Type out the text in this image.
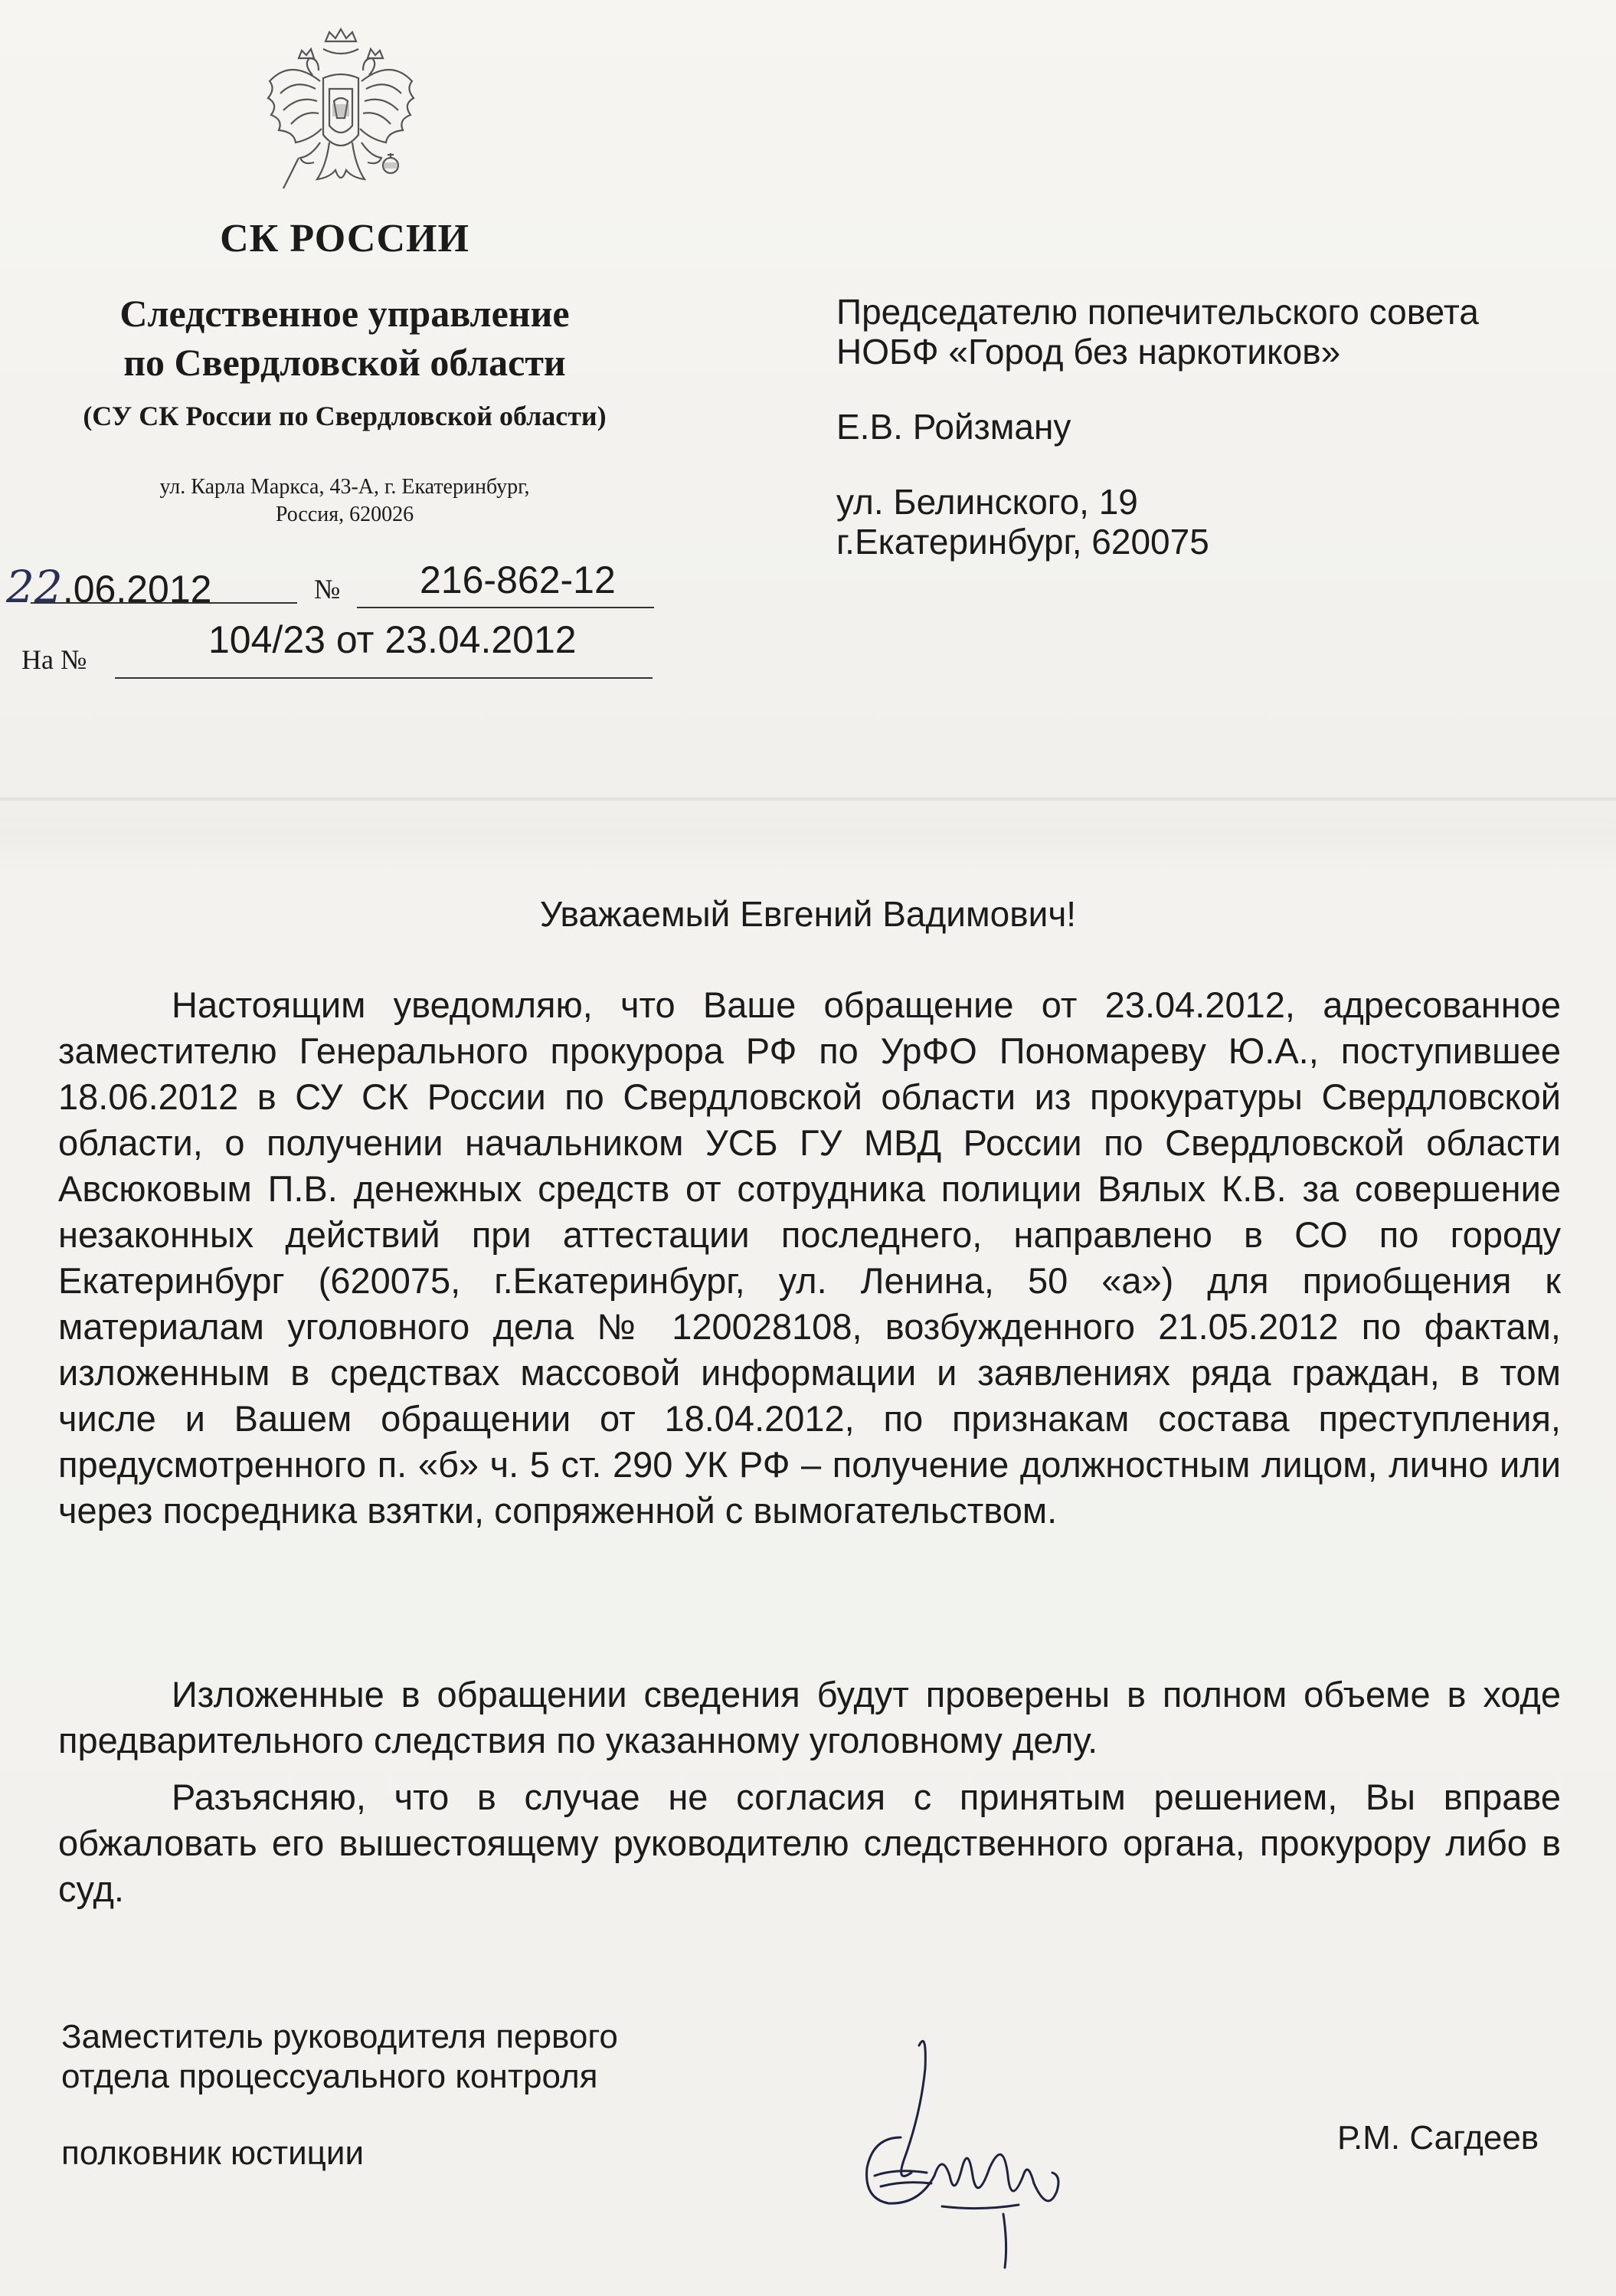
СК РОССИИ
Следственное управление
по Свердловской области
(СУ СК России по Свердловской области)
ул. Карла Маркса, 43-А, г. Екатеринбург,
Россия, 620026
22.06.2012	№ 216-862-12
На №	104/23 от 23.04.2012
Председателю попечительского совета
НОБФ «Город без наркотиков»
Е.В. Ройзману
ул. Белинского, 19
г.Екатеринбург, 620075
Уважаемый Евгений Вадимович!

Настоящим уведомляю, что Ваше обращение от 23.04.2012, адресованное заместителю Генерального прокурора РФ по УрФО Пономареву Ю.А., поступившее 18.06.2012 в СУ СК России по Свердловской области из прокуратуры Свердловской области, о получении начальником УСБ ГУ МВД России по Свердловской области Авсюковым П.В. денежных средств от сотрудника полиции Вялых К.В. за совершение незаконных действий при аттестации последнего, направлено в СО по городу Екатеринбург (620075, г.Екатеринбург, ул. Ленина, 50 «а») для приобщения к материалам уголовного дела № 120028108, возбужденного 21.05.2012 по фактам, изложенным в средствах массовой информации и заявлениях ряда граждан, в том числе и Вашем обращении от 18.04.2012, по признакам состава преступления, предусмотренного п. «б» ч. 5 ст. 290 УК РФ – получение должностным лицом, лично или через посредника взятки, сопряженной с вымогательством.

Изложенные в обращении сведения будут проверены в полном объеме в ходе предварительного следствия по указанному уголовному делу.

Разъясняю, что в случае не согласия с принятым решением, Вы вправе обжаловать его вышестоящему руководителю следственного органа, прокурору либо в суд.

Заместитель руководителя первого
отдела процессуального контроля
полковник юстиции	Р.М. Сагдеев
